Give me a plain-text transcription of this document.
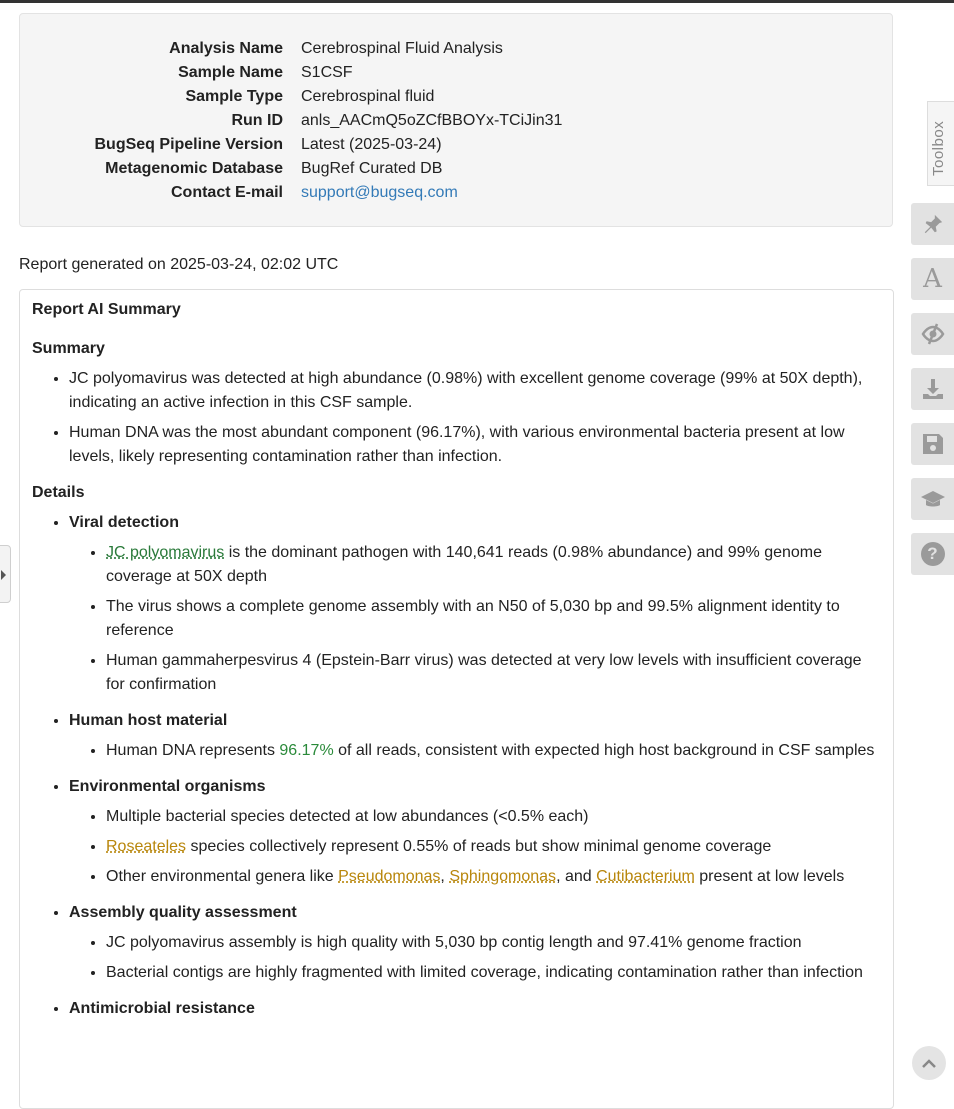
Analysis Name Cerebrospinal Fluid Analysis
Sample Name S1CSF
Sample Type Cerebrospinal fluid
Run ID anls_AACmQ5oZCfBBOYx-TCiJin31
BugSeq Pipeline Version Latest (2025-03-24)
Metagenomic Database BugRef Curated DB
Contact E-mail support@bugseq.com
Report generated on 2025-03-24, 02:02 UTC
Report AI Summary
Summary
• JC polyomavirus was detected at high abundance (0.98%) with excellent genome coverage (99% at 50X depth), indicating an active infection in this CSF sample.
• Human DNA was the most abundant component (96.17%), with various environmental bacteria present at low levels, likely representing contamination rather than infection.
Details
• Viral detection
• JC polyomavirus is the dominant pathogen with 140,641 reads (0.98% abundance) and 99% genome coverage at 50X depth
• The virus shows a complete genome assembly with an N50 of 5,030 bp and 99.5% alignment identity to reference
• Human gammaherpesvirus 4 (Epstein-Barr virus) was detected at very low levels with insufficient coverage for confirmation
• Human host material
• Human DNA represents 96.17% of all reads, consistent with expected high host background in CSF samples
• Environmental organisms
• Multiple bacterial species detected at low abundances (<0.5% each)
• Roseateles species collectively represent 0.55% of reads but show minimal genome coverage
• Other environmental genera like Pseudomonas, Sphingomonas, and Cutibacterium present at low levels
• Assembly quality assessment
• JC polyomavirus assembly is high quality with 5,030 bp contig length and 97.41% genome fraction
• Bacterial contigs are highly fragmented with limited coverage, indicating contamination rather than infection
• Antimicrobial resistance
Toolbox
A
?
